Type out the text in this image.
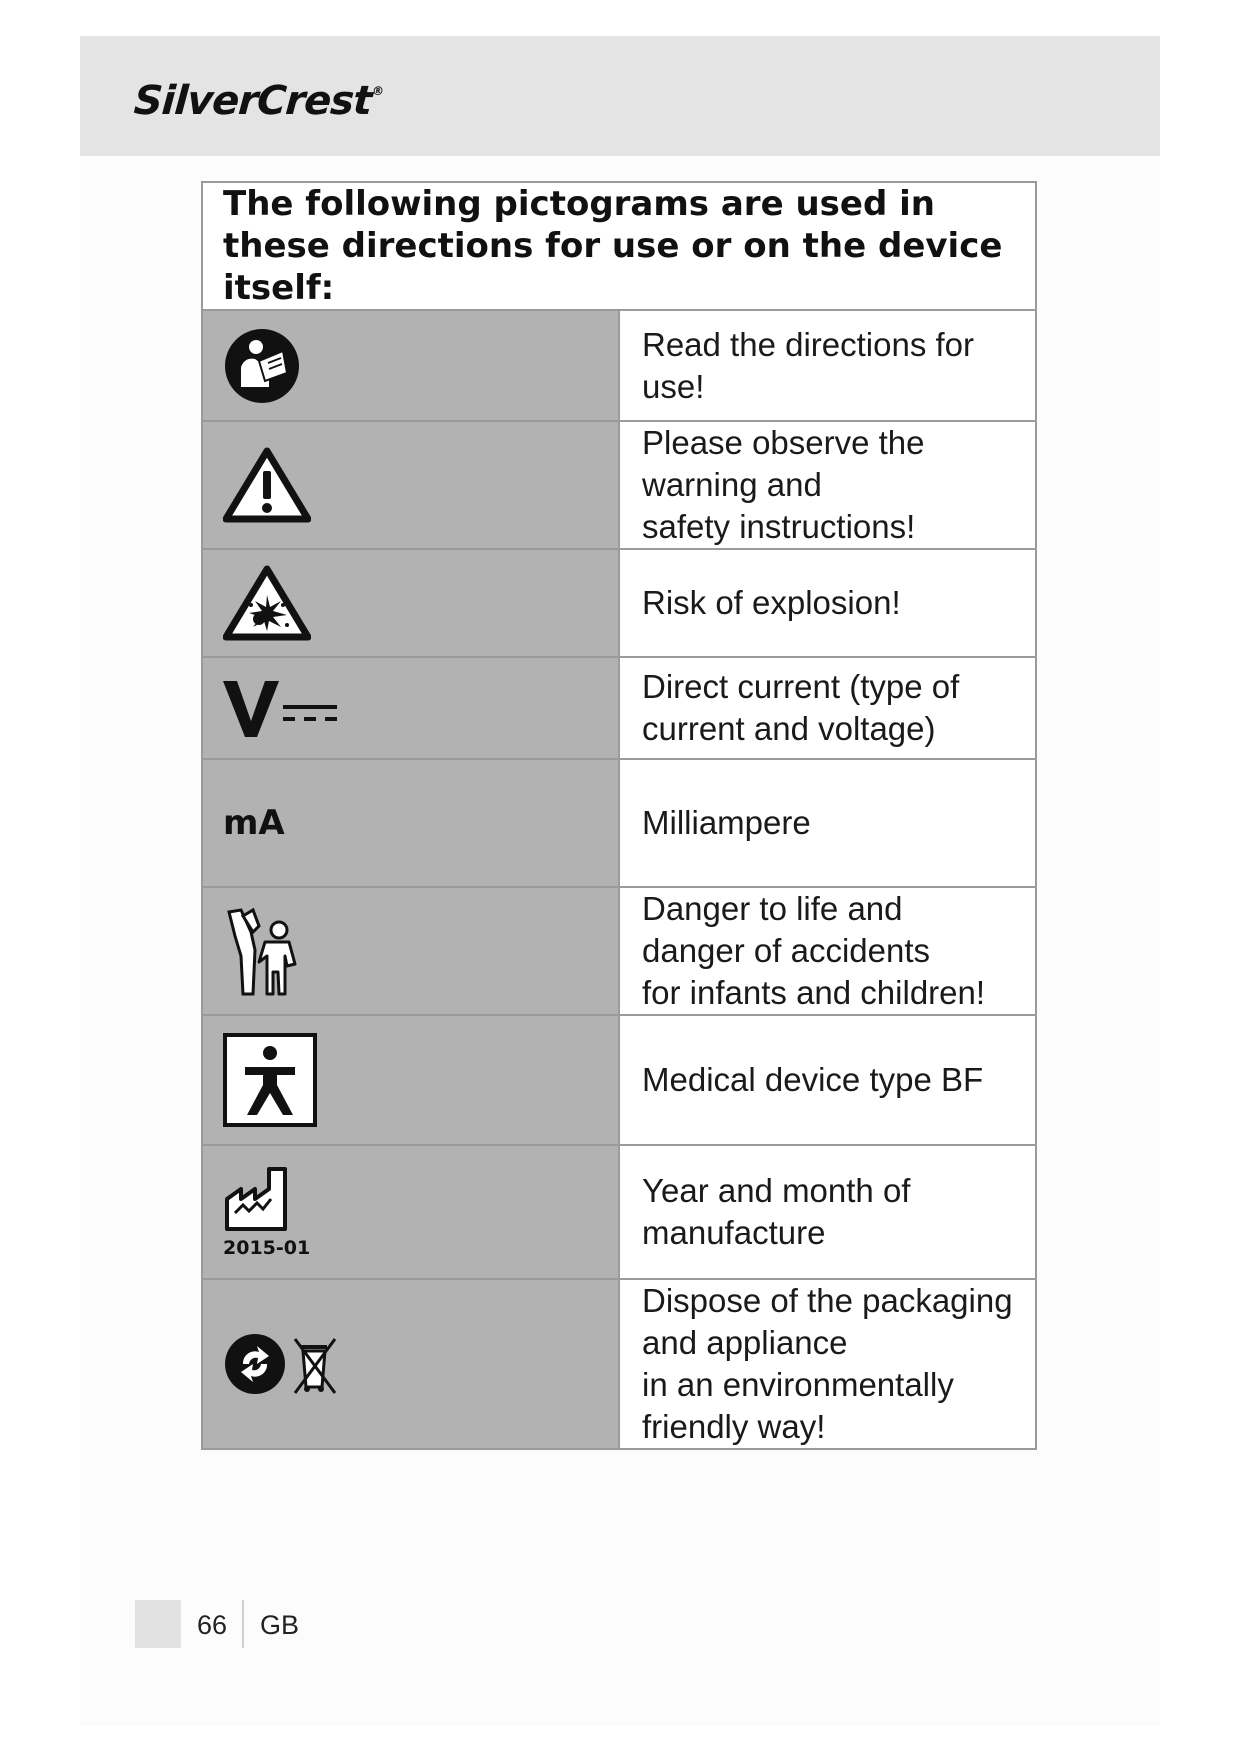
SilverCrest®
The following pictograms are used in these directions for use or on the device itself:	

	Read the directions for use!

	Please observe the warning and
safety instructions!

	Risk of explosion!

	Direct current (type of current and voltage)
mA	Milliampere

	Danger to life and danger of accidents
for infants and children!

	Medical device type BF

2015-01	Year and month of manufacture

	Dispose of the packaging and appliance
in an environmentally friendly way!
66 GB
